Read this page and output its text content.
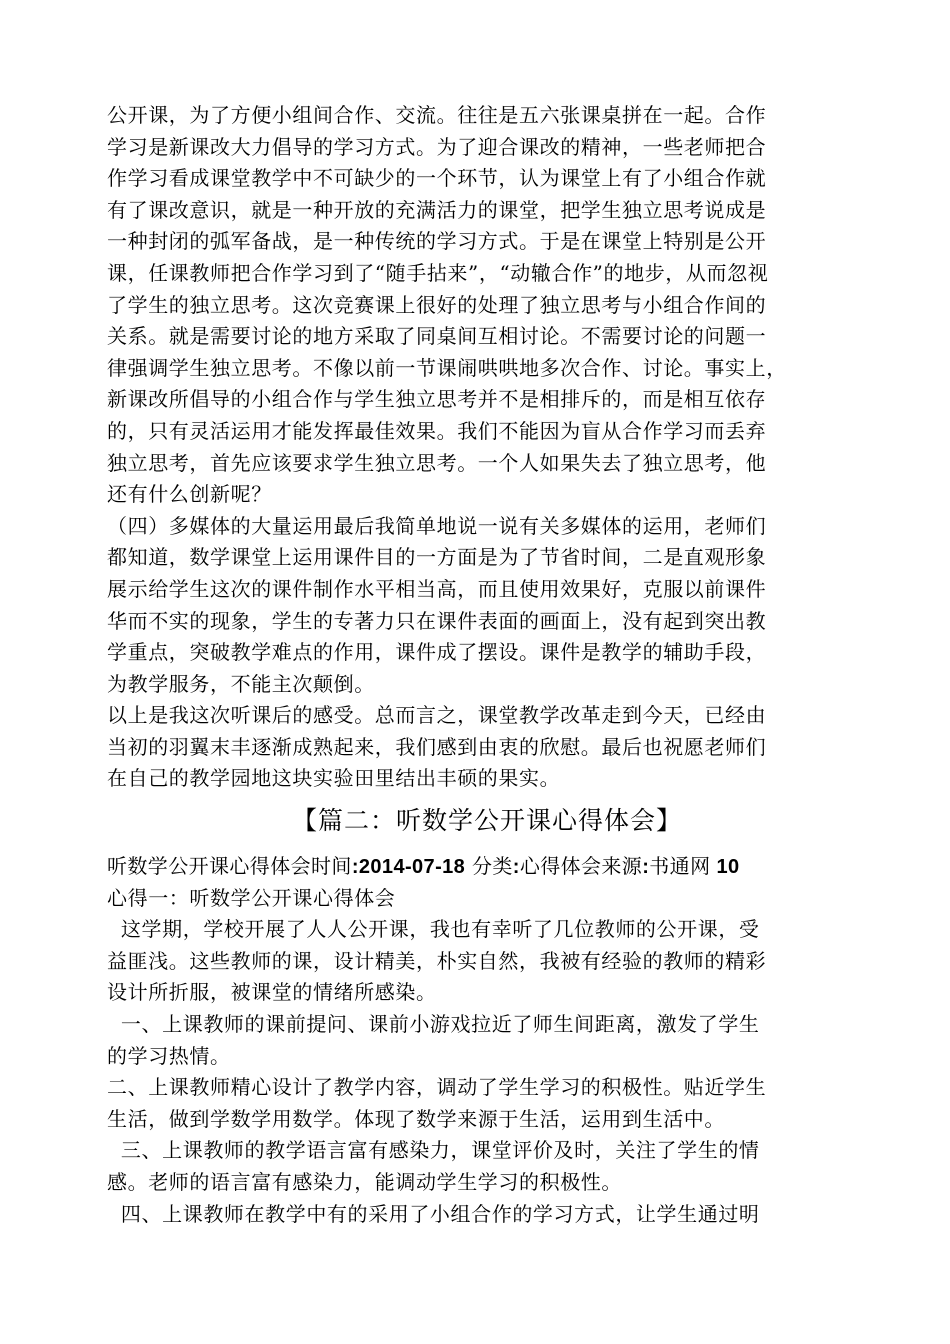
公开课，为了方便小组间合作、交流。往往是五六张课桌拼在一起。合作
学习是新课改大力倡导的学习方式。为了迎合课改的精神，一些老师把合
作学习看成课堂教学中不可缺少的一个环节，认为课堂上有了小组合作就
有了课改意识，就是一种开放的充满活力的课堂，把学生独立思考说成是
一种封闭的弧军备战，是一种传统的学习方式。于是在课堂上特别是公开
课，任课教师把合作学习到了“随手拈来”，“动辙合作”的地步，从而忽视
了学生的独立思考。这次竞赛课上很好的处理了独立思考与小组合作间的
关系。就是需要讨论的地方采取了同桌间互相讨论。不需要讨论的问题一
律强调学生独立思考。不像以前一节课闹哄哄地多次合作、讨论。事实上，
新课改所倡导的小组合作与学生独立思考并不是相排斥的，而是相互依存
的，只有灵活运用才能发挥最佳效果。我们不能因为盲从合作学习而丢弃
独立思考，首先应该要求学生独立思考。一个人如果失去了独立思考，他
还有什么创新呢？
（四）多媒体的大量运用最后我简单地说一说有关多媒体的运用，老师们
都知道，数学课堂上运用课件目的一方面是为了节省时间，二是直观形象
展示给学生这次的课件制作水平相当高，而且使用效果好，克服以前课件
华而不实的现象，学生的专著力只在课件表面的画面上，没有起到突出教
学重点，突破教学难点的作用，课件成了摆设。课件是教学的辅助手段，
为教学服务，不能主次颠倒。
以上是我这次听课后的感受。总而言之，课堂教学改革走到今天，已经由
当初的羽翼末丰逐渐成熟起来，我们感到由衷的欣慰。最后也祝愿老师们
在自己的教学园地这块实验田里结出丰硕的果实。
【篇二：听数学公开课心得体会】
听数学公开课心得体会时间:2014-07-18 分类:心得体会来源:书通网 10
心得一：听数学公开课心得体会
这学期，学校开展了人人公开课，我也有幸听了几位教师的公开课，受
益匪浅。这些教师的课，设计精美，朴实自然，我被有经验的教师的精彩
设计所折服，被课堂的情绪所感染。
一、上课教师的课前提问、课前小游戏拉近了师生间距离，激发了学生
的学习热情。
二、上课教师精心设计了教学内容，调动了学生学习的积极性。贴近学生
生活，做到学数学用数学。体现了数学来源于生活，运用到生活中。
三、上课教师的教学语言富有感染力，课堂评价及时，关注了学生的情
感。老师的语言富有感染力，能调动学生学习的积极性。
四、上课教师在教学中有的采用了小组合作的学习方式，让学生通过明
